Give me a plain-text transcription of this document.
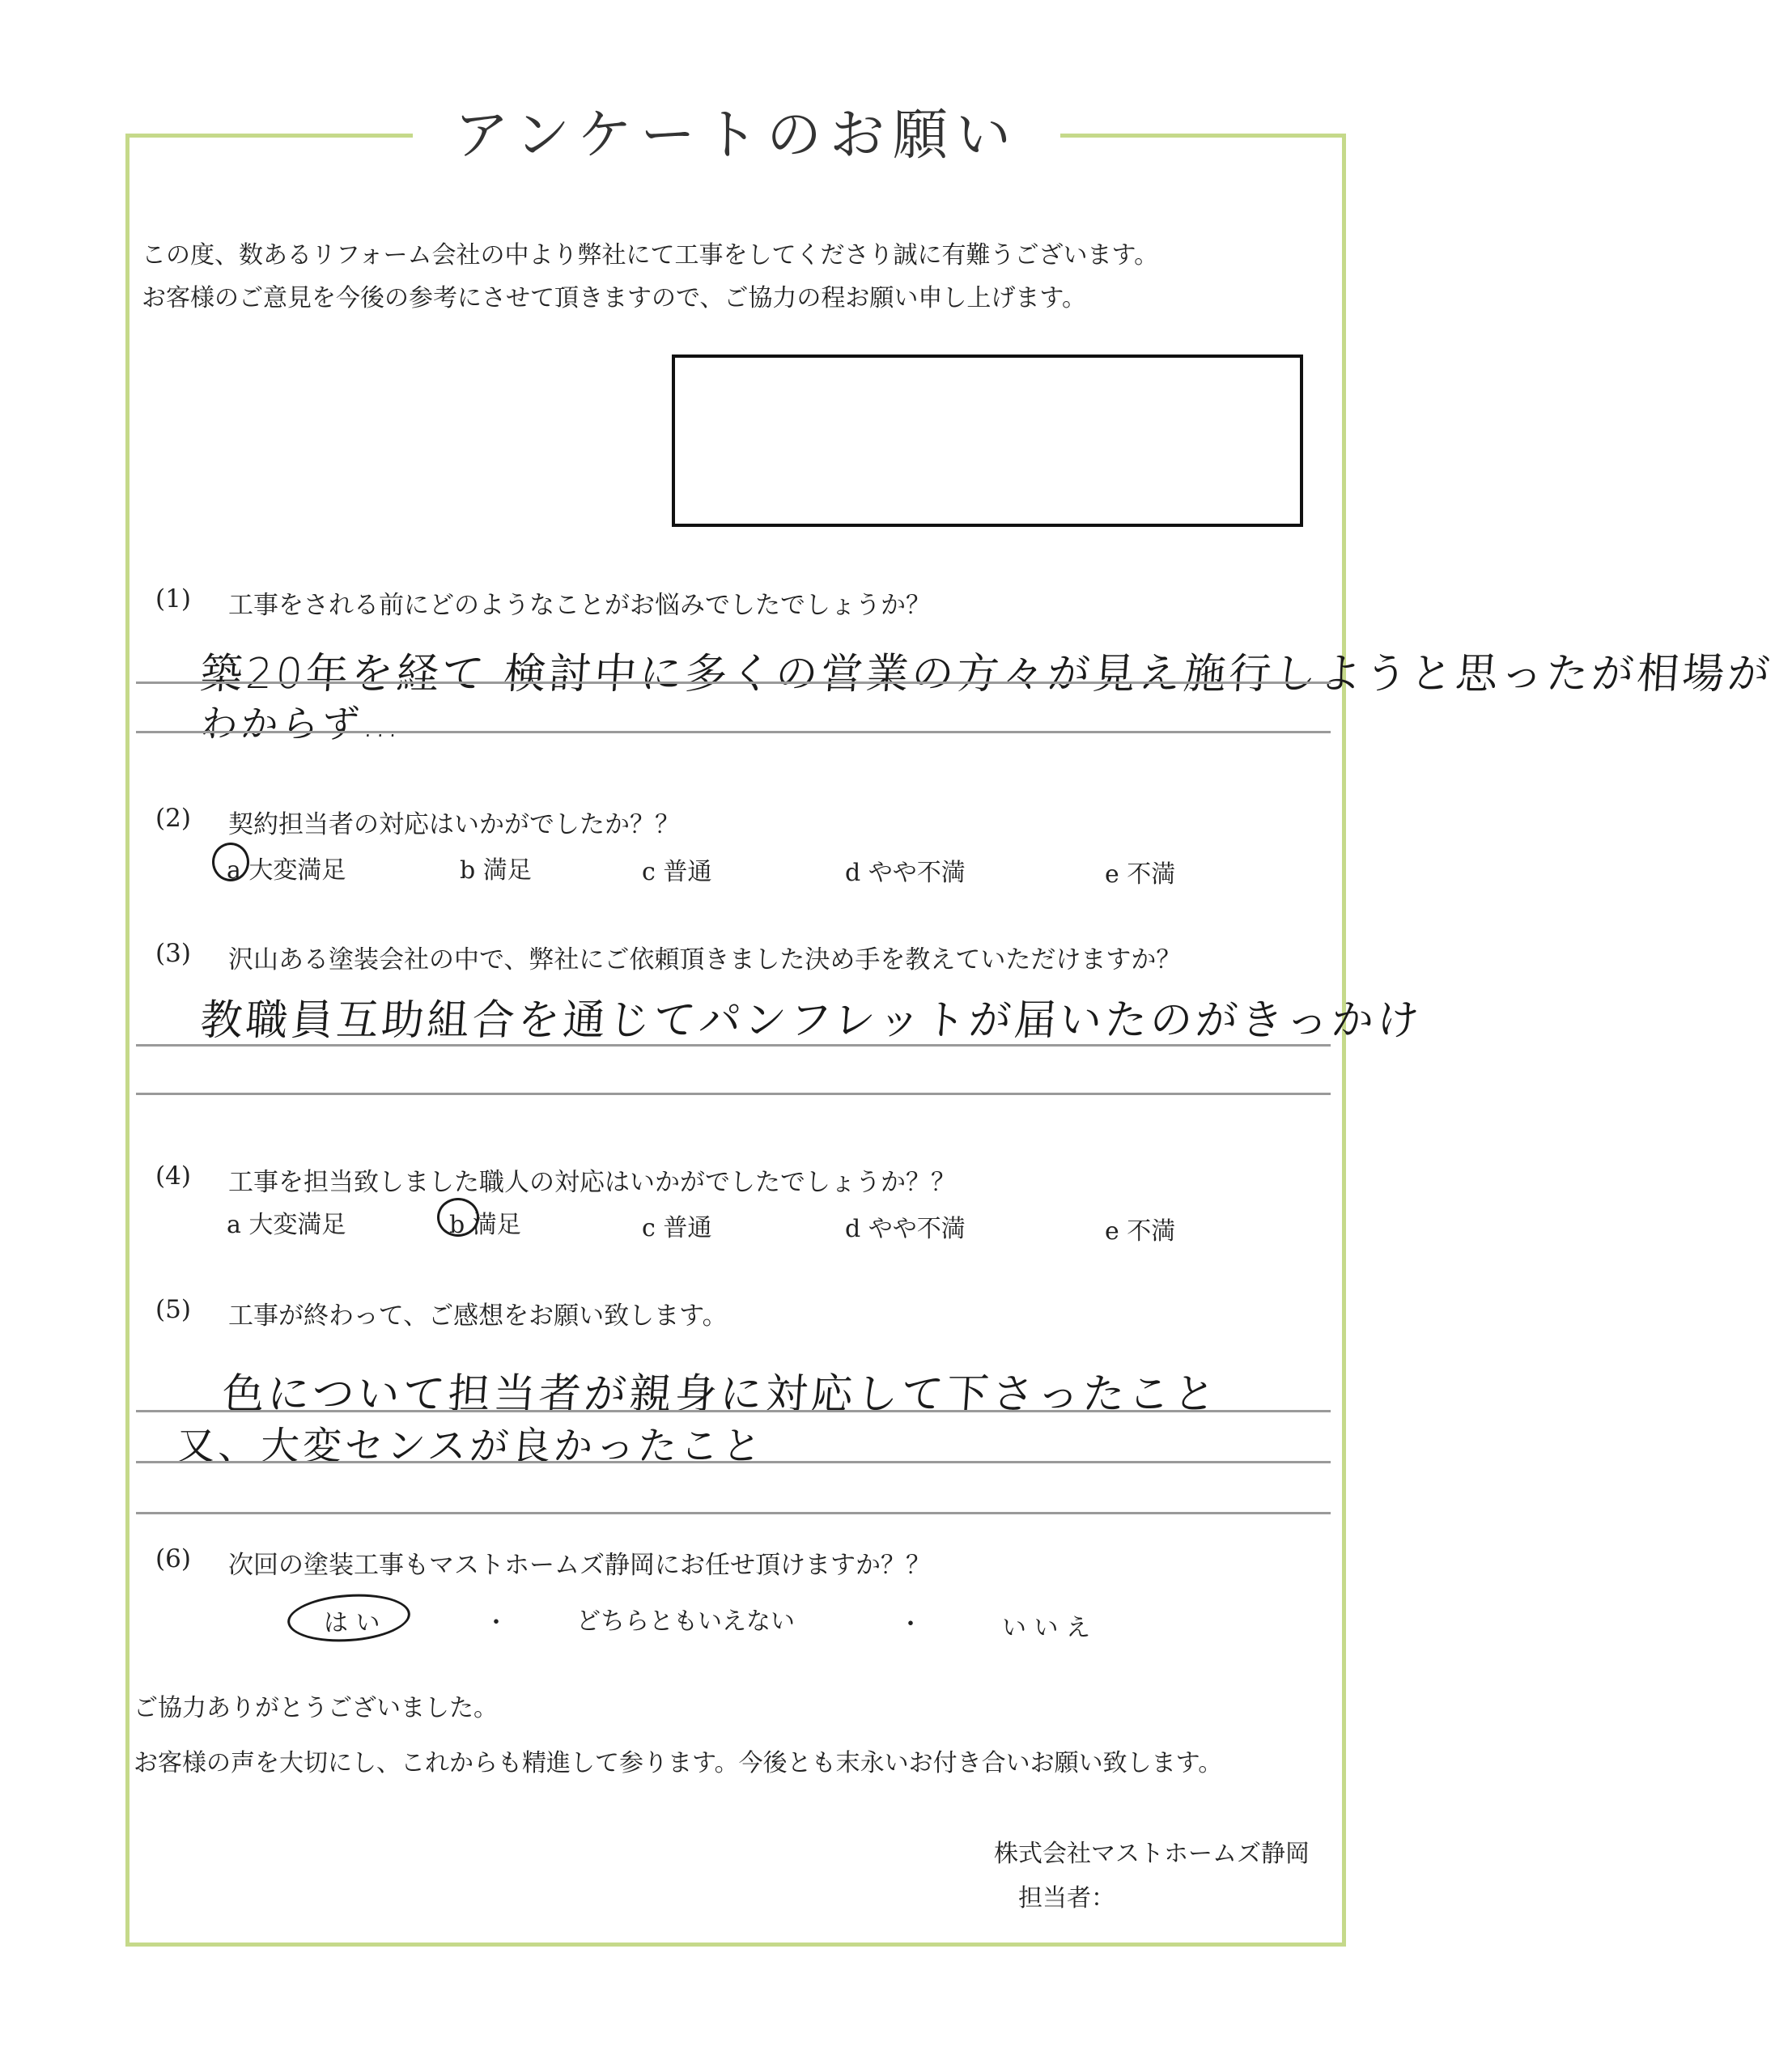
アンケートのお願い
この度、数あるリフォーム会社の中より弊社にて工事をしてくださり誠に有難うございます。
お客様のご意見を今後の参考にさせて頂きますので、ご協力の程お願い申し上げます。
(1) 工事をされる前にどのようなことがお悩みでしたでしょうか？
築20年を経て 検討中に多くの営業の方々が見え施行しようと思ったが相場が
わからず…
(2) 契約担当者の対応はいかがでしたか？？
a 大変満足	b 満足	c 普通	d やや不満	e 不満
(3) 沢山ある塗装会社の中で、弊社にご依頼頂きました決め手を教えていただけますか？
教職員互助組合を通じてパンフレットが届いたのがきっかけ
(4) 工事を担当致しました職人の対応はいかがでしたでしょうか？？
a 大変満足	b 満足	c 普通	d やや不満	e 不満
(5) 工事が終わって、ご感想をお願い致します。
色について担当者が親身に対応して下さったこと
又、大変センスが良かったこと
(6) 次回の塗装工事もマストホームズ静岡にお任せ頂けますか？？
は い	・	どちらともいえない	・	い い え
ご協力ありがとうございました。
お客様の声を大切にし、これからも精進して参ります。今後とも末永いお付き合いお願い致します。
株式会社マストホームズ静岡
担当者：
